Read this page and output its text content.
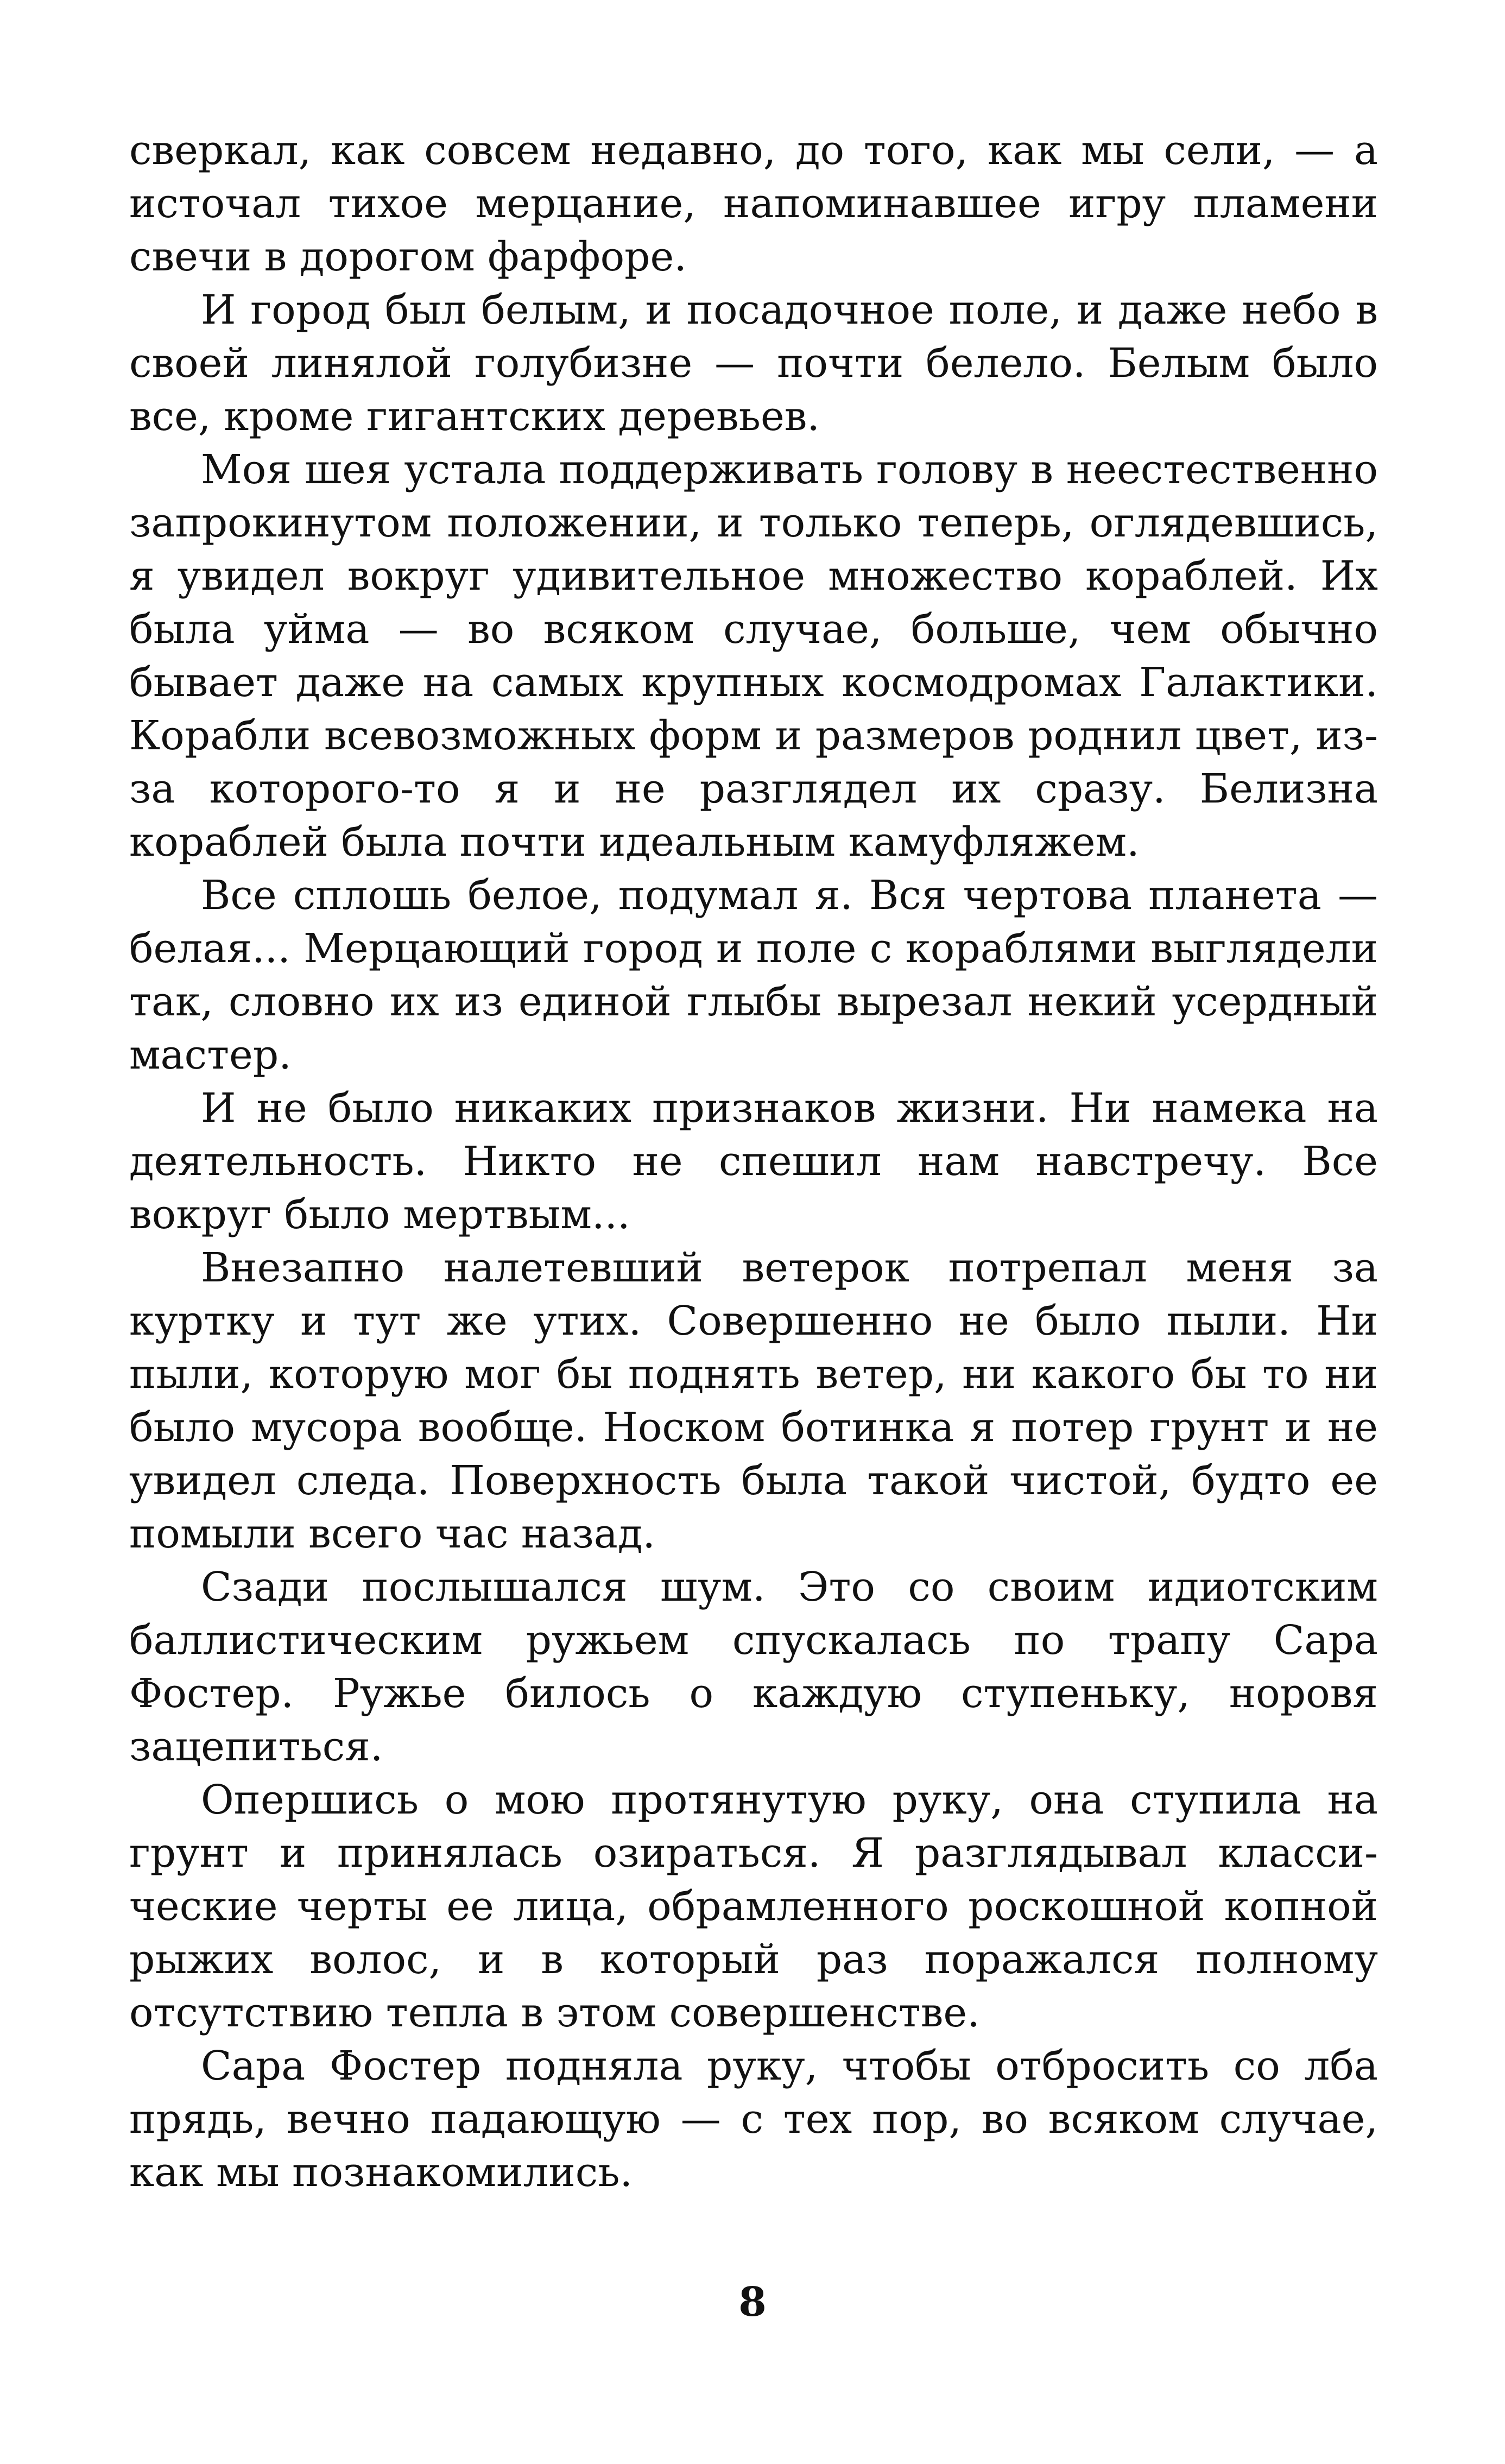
сверкал, как совсем недавно, до того, как мы сели, — а источал тихое мерцание, напоминавшее игру пламени свечи в дорогом фарфоре.

И город был белым, и посадочное поле, и даже небо в своей линялой голубизне — почти белело. Белым было все, кроме гигантских деревьев.

Моя шея устала поддерживать голову в неестественно запрокинутом положении, и только теперь, оглядевшись, я увидел вокруг удивительное множество кораблей. Их была уйма — во всяком случае, больше, чем обычно бывает даже на самых крупных космодромах Галактики. Корабли всевозможных форм и размеров роднил цвет, из-за которого-то я и не разглядел их сразу. Белизна кораблей была почти идеальным камуфляжем.

Все сплошь белое, подумал я. Вся чертова планета — белая... Мерцающий город и поле с кораблями выглядели так, словно их из единой глыбы вырезал некий усердный мастер.

И не было никаких признаков жизни. Ни намека на деятельность. Никто не спешил нам навстречу. Все вокруг было мертвым...

Внезапно налетевший ветерок потрепал меня за куртку и тут же утих. Совершенно не было пыли. Ни пыли, которую мог бы поднять ветер, ни какого бы то ни было мусора вообще. Носком ботинка я потер грунт и не увидел следа. Поверхность была такой чистой, будто ее помыли всего час назад.

Сзади послышался шум. Это со своим идиотским баллистическим ружьем спускалась по трапу Сара Фостер. Ружье билось о каждую ступеньку, норовя зацепиться.

Опершись о мою протянутую руку, она ступила на грунт и принялась озираться. Я разглядывал классические черты ее лица, обрамленного роскошной копной рыжих волос, и в который раз поражался полному отсутствию тепла в этом совершенстве.

Сара Фостер подняла руку, чтобы отбросить со лба прядь, вечно падающую — с тех пор, во всяком случае, как мы познакомились.

8
